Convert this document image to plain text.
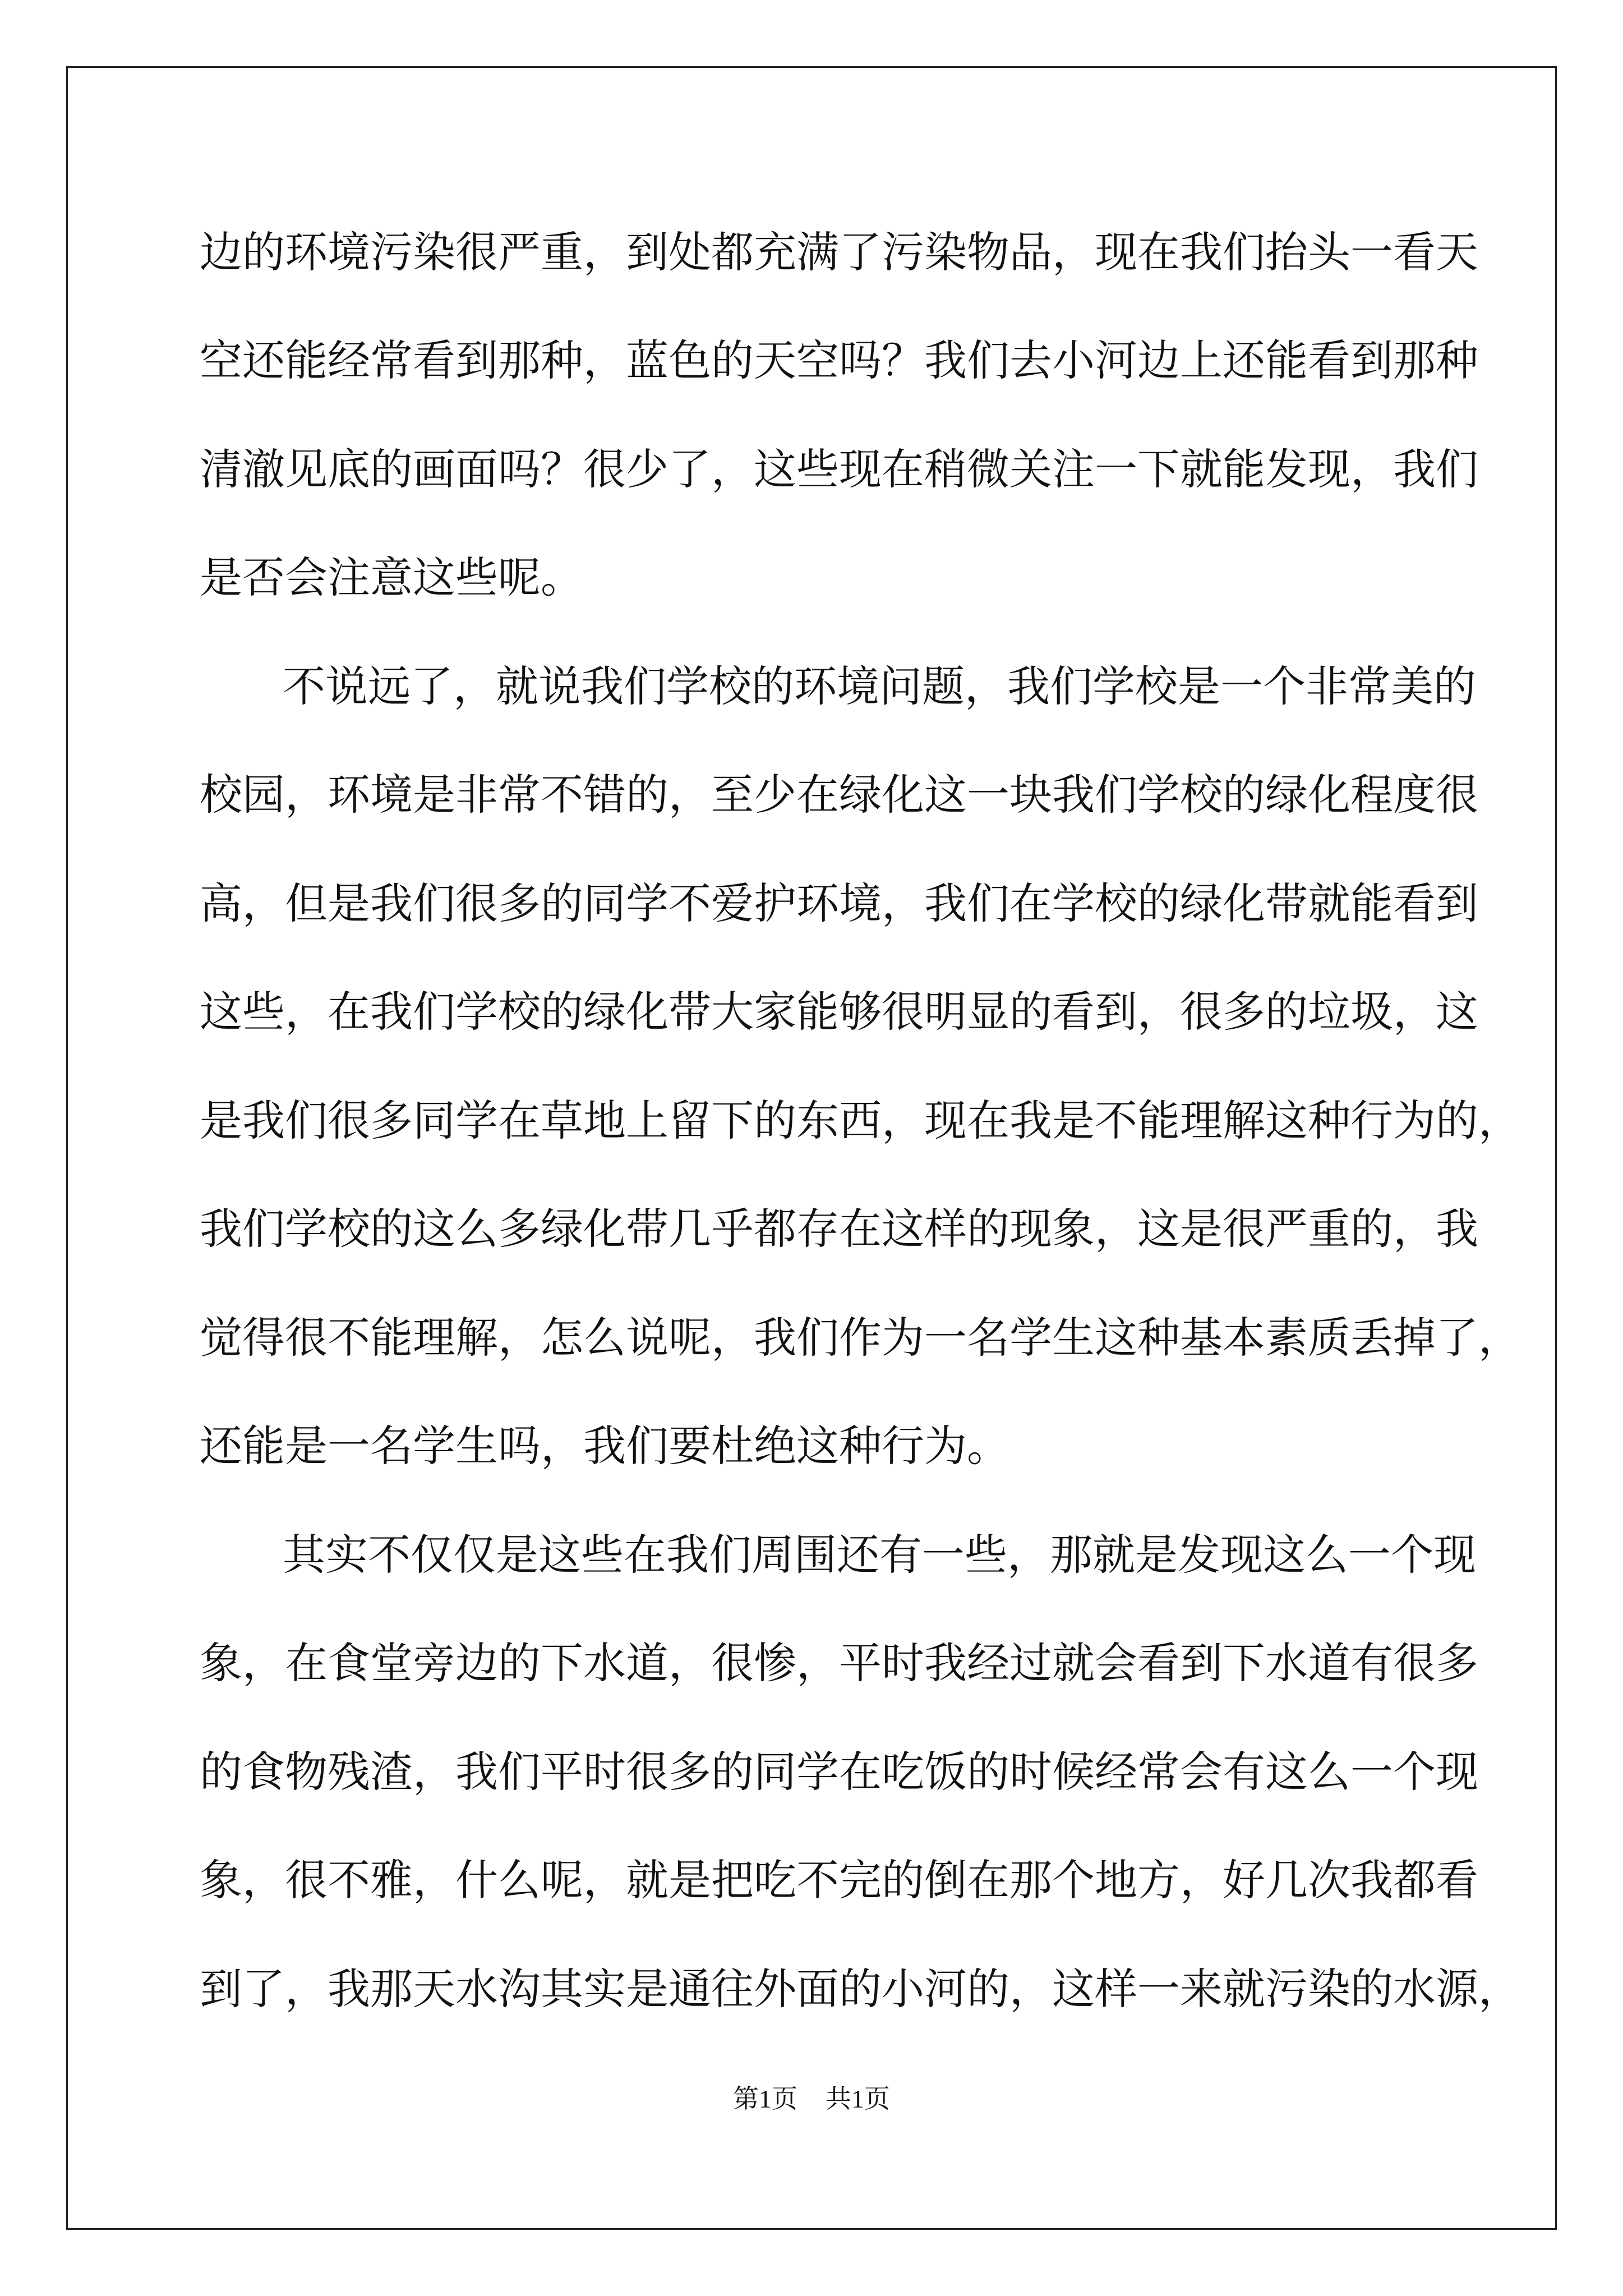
边的环境污染很严重，到处都充满了污染物品，现在我们抬头一看天
空还能经常看到那种，蓝色的天空吗？我们去小河边上还能看到那种
清澈见底的画面吗？很少了，这些现在稍微关注一下就能发现，我们
是否会注意这些呢。
不说远了，就说我们学校的环境问题，我们学校是一个非常美的
校园，环境是非常不错的，至少在绿化这一块我们学校的绿化程度很
高，但是我们很多的同学不爱护环境，我们在学校的绿化带就能看到
这些，在我们学校的绿化带大家能够很明显的看到，很多的垃圾，这
是我们很多同学在草地上留下的东西，现在我是不能理解这种行为的，
我们学校的这么多绿化带几乎都存在这样的现象，这是很严重的，我
觉得很不能理解，怎么说呢，我们作为一名学生这种基本素质丢掉了，
还能是一名学生吗，我们要杜绝这种行为。
其实不仅仅是这些在我们周围还有一些，那就是发现这么一个现
象，在食堂旁边的下水道，很惨，平时我经过就会看到下水道有很多
的食物残渣，我们平时很多的同学在吃饭的时候经常会有这么一个现
象，很不雅，什么呢，就是把吃不完的倒在那个地方，好几次我都看
到了，我那天水沟其实是通往外面的小河的，这样一来就污染的水源，
第1页 共1页
